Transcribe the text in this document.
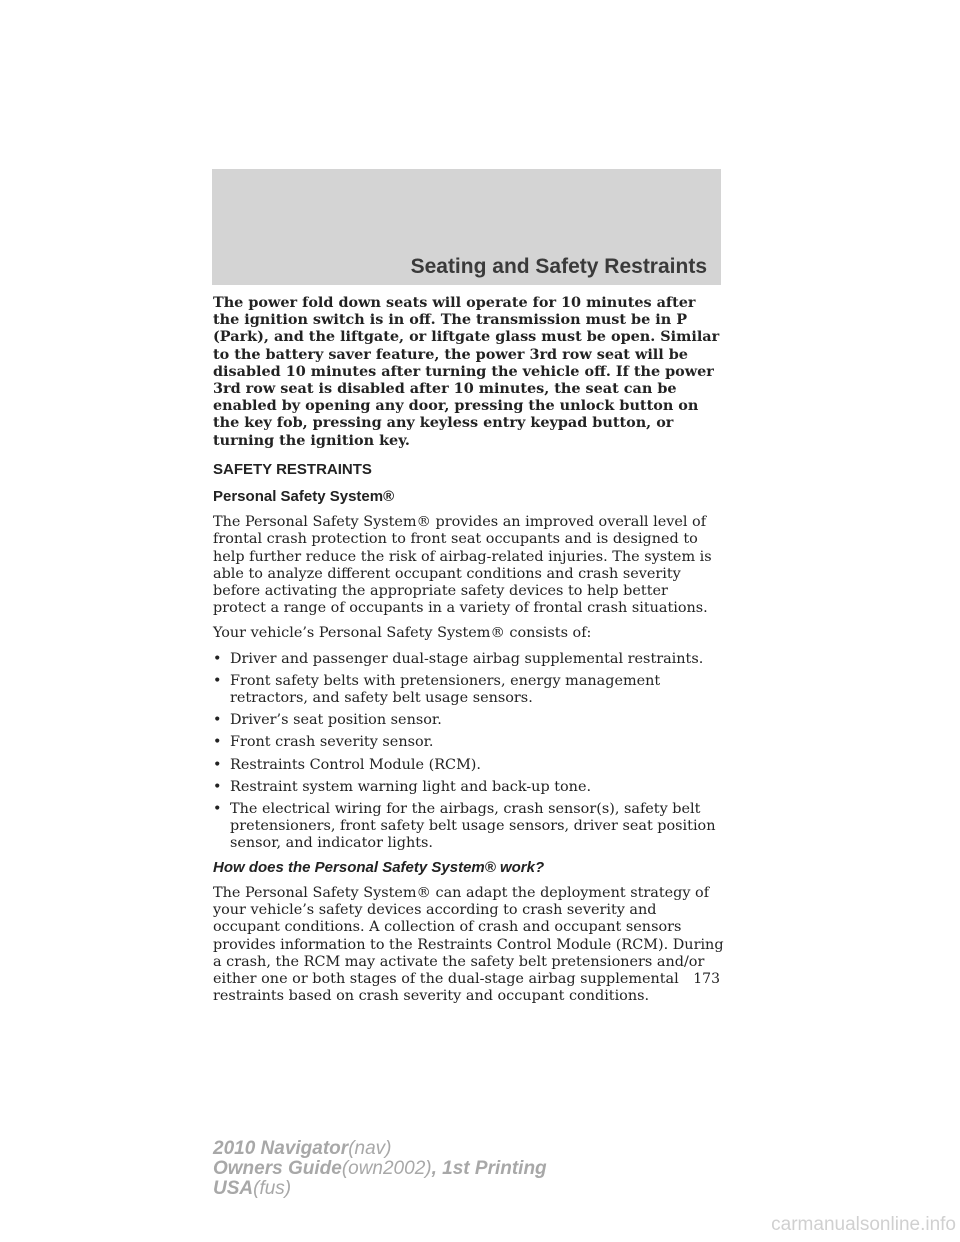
Seating and Safety Restraints

The power fold down seats will operate for 10 minutes after the ignition switch is in off. The transmission must be in P (Park), and the liftgate, or liftgate glass must be open. Similar to the battery saver feature, the power 3rd row seat will be disabled 10 minutes after turning the vehicle off. If the power 3rd row seat is disabled after 10 minutes, the seat can be enabled by opening any door, pressing the unlock button on the key fob, pressing any keyless entry keypad button, or turning the ignition key.

SAFETY RESTRAINTS
Personal Safety System®

The Personal Safety System® provides an improved overall level of frontal crash protection to front seat occupants and is designed to help further reduce the risk of airbag-related injuries. The system is able to analyze different occupant conditions and crash severity before activating the appropriate safety devices to help better protect a range of occupants in a variety of frontal crash situations.

Your vehicle’s Personal Safety System® consists of:

• Driver and passenger dual-stage airbag supplemental restraints.
• Front safety belts with pretensioners, energy management retractors, and safety belt usage sensors.
• Driver’s seat position sensor.
• Front crash severity sensor.
• Restraints Control Module (RCM).
• Restraint system warning light and back-up tone.
• The electrical wiring for the airbags, crash sensor(s), safety belt pretensioners, front safety belt usage sensors, driver seat position sensor, and indicator lights.
How does the Personal Safety System® work?

The Personal Safety System® can adapt the deployment strategy of your vehicle’s safety devices according to crash severity and occupant conditions. A collection of crash and occupant sensors provides information to the Restraints Control Module (RCM). During a crash, the RCM may activate the safety belt pretensioners and/or either one or both stages of the dual-stage airbag supplemental restraints based on crash severity and occupant conditions.

173
2010 Navigator(nav)
Owners Guide(own2002), 1st Printing
USA(fus)
carmanualsonline.info
